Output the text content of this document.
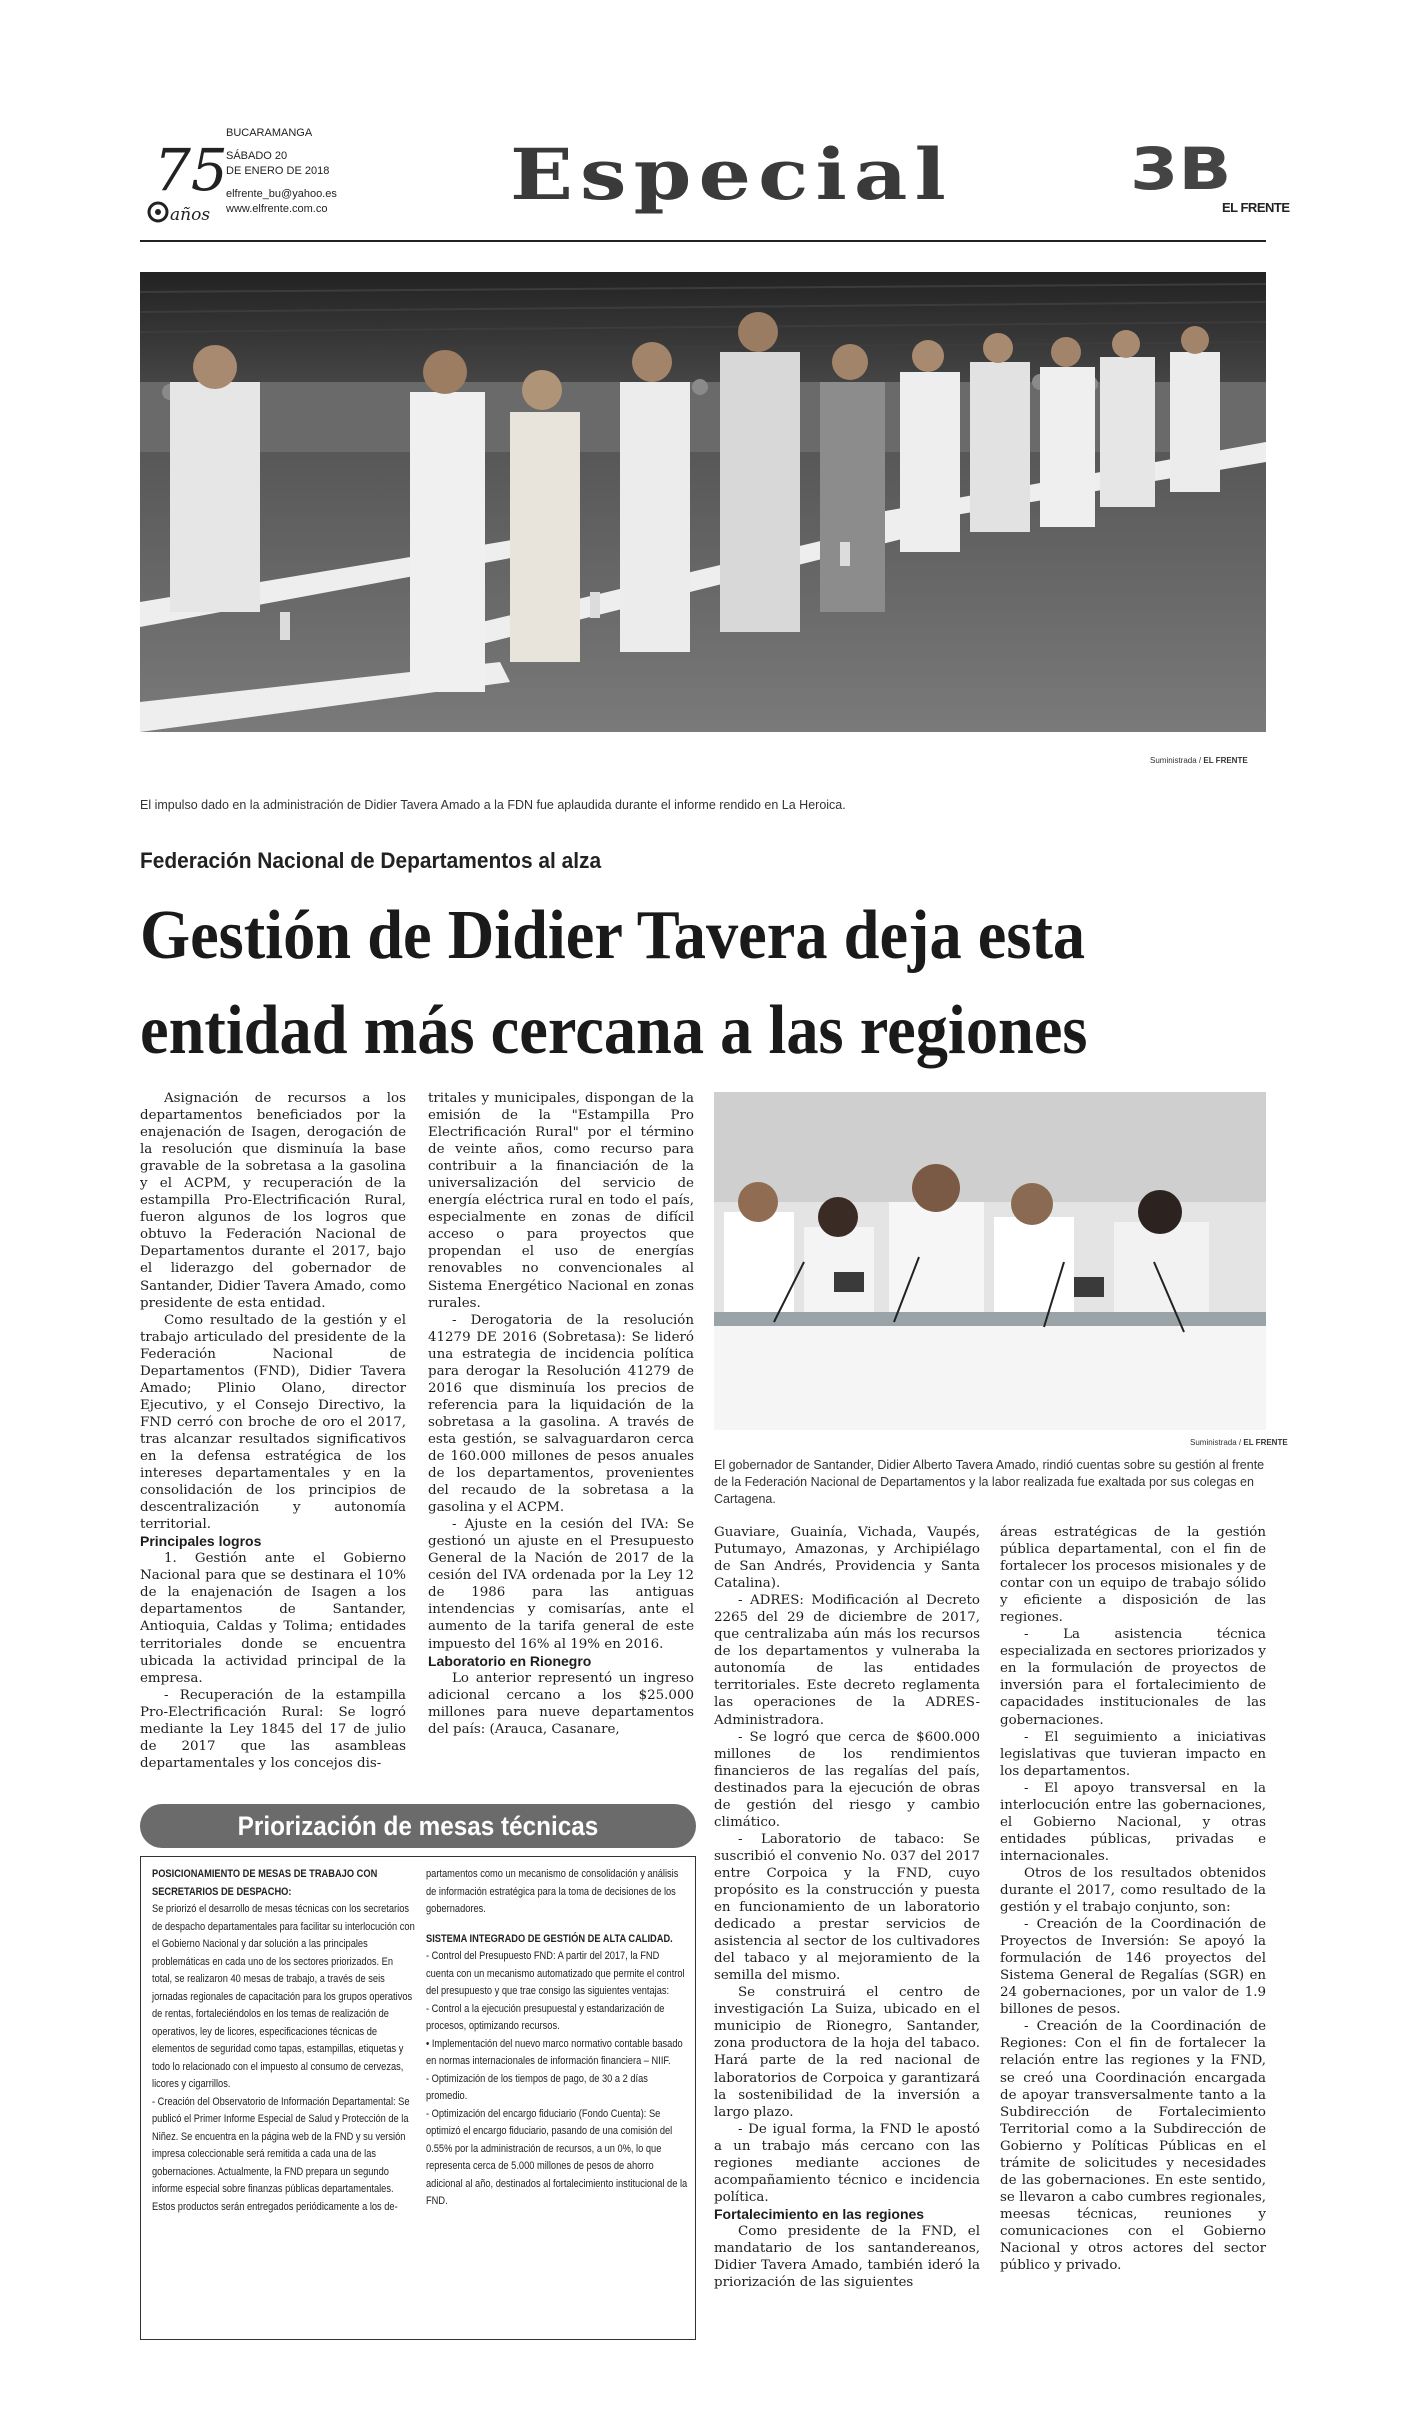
75
años
BUCARAMANGA
SÁBADO 20
DE ENERO DE 2018
elfrente_bu@yahoo.es
www.elfrente.com.co	Especial	3B
EL FRENTE
Suministrada / EL FRENTE
El impulso dado en la administración de Didier Tavera Amado a la FDN fue aplaudida durante el informe rendido en La Heroica.
Federación Nacional de Departamentos al alza
Gestión de Didier Tavera deja esta
entidad más cercana a las regiones

Asignación de recursos a los departamentos beneficiados por la enajenación de Isagen, derogación de la resolución que disminuía la base gravable de la sobretasa a la gasolina y el ACPM, y recuperación de la estampilla Pro-Electrificación Rural, fueron algunos de los logros que obtuvo la Federación Nacional de Departamentos durante el 2017, bajo el liderazgo del gobernador de Santander, Didier Tavera Amado, como presidente de esta entidad.

Como resultado de la gestión y el trabajo articulado del presidente de la Federación Nacional de Departamentos (FND), Didier Tavera Amado; Plinio Olano, director Ejecutivo, y el Consejo Directivo, la FND cerró con broche de oro el 2017, tras alcanzar resultados significativos en la defensa estratégica de los intereses departamentales y en la consolidación de los principios de descentralización y autonomía territorial.

Principales logros

1. Gestión ante el Gobierno Nacional para que se destinara el 10% de la enajenación de Isagen a los departamentos de Santander, Antioquia, Caldas y Tolima; entidades territoriales donde se encuentra ubicada la actividad principal de la empresa.

- Recuperación de la estampilla Pro-Electrificación Rural: Se logró mediante la Ley 1845 del 17 de julio de 2017 que las asambleas departamentales y los concejos dis-

tritales y municipales, dispongan de la emisión de la "Estampilla Pro Electrificación Rural" por el término de veinte años, como recurso para contribuir a la financiación de la universalización del servicio de energía eléctrica rural en todo el país, especialmente en zonas de difícil acceso o para proyectos que propendan el uso de energías renovables no convencionales al Sistema Energético Nacional en zonas rurales.

- Derogatoria de la resolución 41279 DE 2016 (Sobretasa): Se lideró una estrategia de incidencia política para derogar la Resolución 41279 de 2016 que disminuía los precios de referencia para la liquidación de la sobretasa a la gasolina. A través de esta gestión, se salvaguardaron cerca de 160.000 millones de pesos anuales de los departamentos, provenientes del recaudo de la sobretasa a la gasolina y el ACPM.

- Ajuste en la cesión del IVA: Se gestionó un ajuste en el Presupuesto General de la Nación de 2017 de la cesión del IVA ordenada por la Ley 12 de 1986 para las antiguas intendencias y comisarías, ante el aumento de la tarifa general de este impuesto del 16% al 19% en 2016.

Laboratorio en Rionegro

Lo anterior representó un ingreso adicional cercano a los $25.000 millones para nueve departamentos del país: (Arauca, Casanare,

Suministrada / EL FRENTE
El gobernador de Santander, Didier Alberto Tavera Amado, rindió cuentas sobre su gestión al frente de la Federación Nacional de Departamentos y la labor realizada fue exaltada por sus colegas en Cartagena.

Guaviare, Guainía, Vichada, Vaupés, Putumayo, Amazonas, y Archipiélago de San Andrés, Providencia y Santa Catalina).

- ADRES: Modificación al Decreto 2265 del 29 de diciembre de 2017, que centralizaba aún más los recursos de los departamentos y vulneraba la autonomía de las entidades territoriales. Este decreto reglamenta las operaciones de la ADRES-Administradora.

- Se logró que cerca de $600.000 millones de los rendimientos financieros de las regalías del país, destinados para la ejecución de obras de gestión del riesgo y cambio climático.

- Laboratorio de tabaco: Se suscribió el convenio No. 037 del 2017 entre Corpoica y la FND, cuyo propósito es la construcción y puesta en funcionamiento de un laboratorio dedicado a prestar servicios de asistencia al sector de los cultivadores del tabaco y al mejoramiento de la semilla del mismo.

Se construirá el centro de investigación La Suiza, ubicado en el municipio de Rionegro, Santander, zona productora de la hoja del tabaco. Hará parte de la red nacional de laboratorios de Corpoica y garantizará la sostenibilidad de la inversión a largo plazo.

- De igual forma, la FND le apostó a un trabajo más cercano con las regiones mediante acciones de acompañamiento técnico e incidencia política.

Fortalecimiento en las regiones

Como presidente de la FND, el mandatario de los santandereanos, Didier Tavera Amado, también ideró la priorización de las siguientes

áreas estratégicas de la gestión pública departamental, con el fin de fortalecer los procesos misionales y de contar con un equipo de trabajo sólido y eficiente a disposición de las regiones.

- La asistencia técnica especializada en sectores priorizados y en la formulación de proyectos de inversión para el fortalecimiento de capacidades institucionales de las gobernaciones.

- El seguimiento a iniciativas legislativas que tuvieran impacto en los departamentos.

- El apoyo transversal en la interlocución entre las gobernaciones, el Gobierno Nacional, y otras entidades públicas, privadas e internacionales.

Otros de los resultados obtenidos durante el 2017, como resultado de la gestión y el trabajo conjunto, son:

- Creación de la Coordinación de Proyectos de Inversión: Se apoyó la formulación de 146 proyectos del Sistema General de Regalías (SGR) en 24 gobernaciones, por un valor de 1.9 billones de pesos.

- Creación de la Coordinación de Regiones: Con el fin de fortalecer la relación entre las regiones y la FND, se creó una Coordinación encargada de apoyar transversalmente tanto a la Subdirección de Fortalecimiento Territorial como a la Subdirección de Gobierno y Políticas Públicas en el trámite de solicitudes y necesidades de las gobernaciones. En este sentido, se llevaron a cabo cumbres regionales, meesas técnicas, reuniones y comunicaciones con el Gobierno Nacional y otros actores del sector público y privado.

Priorización de mesas técnicas

POSICIONAMIENTO DE MESAS DE TRABAJO CON SECRETARIOS DE DESPACHO:

Se priorizó el desarrollo de mesas técnicas con los secretarios de despacho departamentales para facilitar su interlocución con el Gobierno Nacional y dar solución a las principales problemáticas en cada uno de los sectores priorizados. En total, se realizaron 40 mesas de trabajo, a través de seis jornadas regionales de capacitación para los grupos operativos de rentas, fortaleciéndolos en los temas de realización de operativos, ley de licores, especificaciones técnicas de elementos de seguridad como tapas, estampillas, etiquetas y todo lo relacionado con el impuesto al consumo de cervezas, licores y cigarrillos.

- Creación del Observatorio de Información Departamental: Se publicó el Primer Informe Especial de Salud y Protección de la Niñez. Se encuentra en la página web de la FND y su versión impresa coleccionable será remitida a cada una de las gobernaciones. Actualmente, la FND prepara un segundo informe especial sobre finanzas públicas departamentales. Estos productos serán entregados periódicamente a los de-

partamentos como un mecanismo de consolidación y análisis de información estratégica para la toma de decisiones de los gobernadores.

SISTEMA INTEGRADO DE GESTIÓN DE ALTA CALIDAD.

- Control del Presupuesto FND: A partir del 2017, la FND cuenta con un mecanismo automatizado que permite el control del presupuesto y que trae consigo las siguientes ventajas:

- Control a la ejecución presupuestal y estandarización de procesos, optimizando recursos.

• Implementación del nuevo marco normativo contable basado en normas internacionales de información financiera – NIIF.

- Optimización de los tiempos de pago, de 30 a 2 días promedio.

- Optimización del encargo fiduciario (Fondo Cuenta): Se optimizó el encargo fiduciario, pasando de una comisión del 0.55% por la administración de recursos, a un 0%, lo que representa cerca de 5.000 millones de pesos de ahorro adicional al año, destinados al fortalecimiento institucional de la FND.
